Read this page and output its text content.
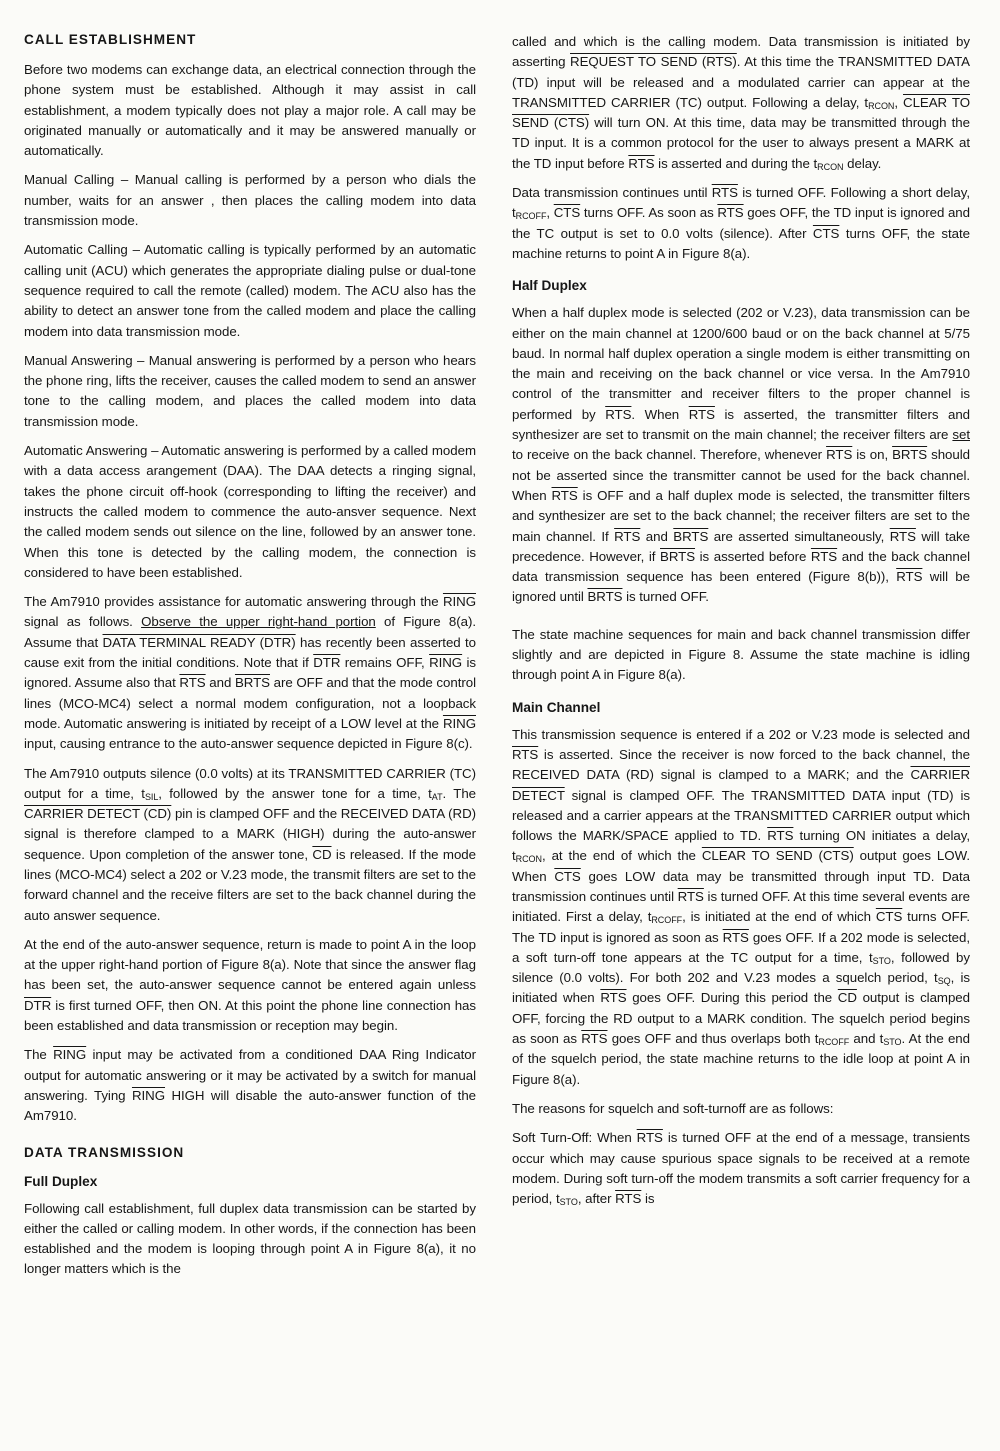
CALL ESTABLISHMENT

Before two modems can exchange data, an electrical connection through the phone system must be established. Although it may assist in call establishment, a modem typically does not play a major role. A call may be originated manually or automatically and it may be answered manually or automatically.

Manual Calling – Manual calling is performed by a person who dials the number, waits for an answer , then places the calling modem into data transmission mode.

Automatic Calling – Automatic calling is typically performed by an automatic calling unit (ACU) which generates the appropriate dialing pulse or dual-tone sequence required to call the remote (called) modem. The ACU also has the ability to detect an answer tone from the called modem and place the calling modem into data transmission mode.

Manual Answering – Manual answering is performed by a person who hears the phone ring, lifts the receiver, causes the called modem to send an answer tone to the calling modem, and places the called modem into data transmission mode.

Automatic Answering – Automatic answering is performed by a called modem with a data access arangement (DAA). The DAA detects a ringing signal, takes the phone circuit off-hook (corresponding to lifting the receiver) and instructs the called modem to commence the auto-ansver sequence. Next the called modem sends out silence on the line, followed by an answer tone. When this tone is detected by the calling modem, the connection is considered to have been established.

The Am7910 provides assistance for automatic answering through the RING signal as follows. Observe the upper right-hand portion of Figure 8(a). Assume that DATA TERMINAL READY (DTR) has recently been asserted to cause exit from the initial conditions. Note that if $\overline{DTR}$ remains OFF, RING is ignored. Assume also that $\overline{RTS}$ and BRTS are OFF and that the mode control lines (MCO-MC4) select a normal modem configuration, not a loopback mode. Automatic answering is initiated by receipt of a LOW level at the RING input, causing entrance to the auto-answer sequence depicted in Figure 8(c).

The Am7910 outputs silence (0.0 volts) at its TRANSMITTED CARRIER (TC) output for a time, $t_{SIL}$, followed by the answer tone for a time, $t_{AT}$. The CARRIER DETECT (CD) pin is clamped OFF and the RECEIVED DATA (RD) signal is therefore clamped to a MARK (HIGH) during the auto-answer sequence. Upon completion of the answer tone, $\overline{CD}$ is released. If the mode lines (MCO-MC4) select a 202 or V.23 mode, the transmit filters are set to the forward channel and the receive filters are set to the back channel during the auto answer sequence.

At the end of the auto-answer sequence, return is made to point A in the loop at the upper right-hand portion of Figure 8(a). Note that since the answer flag has been set, the auto-answer sequence cannot be entered again unless $\overline{DTR}$ is first turned OFF, then ON. At this point the phone line connection has been established and data transmission or reception may begin.

The RING input may be activated from a conditioned DAA Ring Indicator output for automatic answering or it may be activated by a switch for manual answering. Tying RING HIGH will disable the auto-answer function of the Am7910.

DATA TRANSMISSION
Full Duplex

Following call establishment, full duplex data transmission can be started by either the called or calling modem. In other words, if the connection has been established and the modem is looping through point A in Figure 8(a), it no longer matters which is the

called and which is the calling modem. Data transmission is initiated by asserting REQUEST TO SEND (RTS). At this time the TRANSMITTED DATA (TD) input will be released and a modulated carrier can appear at the TRANSMITTED CARRIER (TC) output. Following a delay, $t_{RCON}$, CLEAR TO SEND (CTS) will turn ON. At this time, data may be transmitted through the TD input. It is a common protocol for the user to always present a MARK at the TD input before $\overline{RTS}$ is asserted and during the $t_{RCON}$ delay.

Data transmission continues until $\overline{RTS}$ is turned OFF. Following a short delay, $t_{RCOFF}$, $\overline{CTS}$ turns OFF. As soon as $\overline{RTS}$ goes OFF, the TD input is ignored and the TC output is set to 0.0 volts (silence). After $\overline{CTS}$ turns OFF, the state machine returns to point A in Figure 8(a).

Half Duplex

When a half duplex mode is selected (202 or V.23), data transmission can be either on the main channel at 1200/600 baud or on the back channel at 5/75 baud. In normal half duplex operation a single modem is either transmitting on the main and receiving on the back channel or vice versa. In the Am7910 control of the transmitter and receiver filters to the proper channel is performed by $\overline{RTS}$. When $\overline{RTS}$ is asserted, the transmitter filters and synthesizer are set to transmit on the main channel; the receiver filters are set to receive on the back channel. Therefore, whenever $\overline{RTS}$ is on, BRTS should not be asserted since the transmitter cannot be used for the back channel. When $\overline{RTS}$ is OFF and a half duplex mode is selected, the transmitter filters and synthesizer are set to the back channel; the receiver filters are set to the main channel. If $\overline{RTS}$ and BRTS are asserted simultaneously, $\overline{RTS}$ will take precedence. However, if BRTS is asserted before $\overline{RTS}$ and the back channel data transmission sequence has been entered (Figure 8(b)), $\overline{RTS}$ will be ignored until BRTS is turned OFF.

The state machine sequences for main and back channel transmission differ slightly and are depicted in Figure 8. Assume the state machine is idling through point A in Figure 8(a).

Main Channel

This transmission sequence is entered if a 202 or V.23 mode is selected and $\overline{RTS}$ is asserted. Since the receiver is now forced to the back channel, the RECEIVED DATA (RD) signal is clamped to a MARK; and the CARRIER DETECT signal is clamped OFF. The TRANSMITTED DATA input (TD) is released and a carrier appears at the TRANSMITTED CARRIER output which follows the MARK/SPACE applied to TD. $\overline{RTS}$ turning ON initiates a delay, $t_{RCON}$, at the end of which the CLEAR TO SEND (CTS) output goes LOW. When $\overline{CTS}$ goes LOW data may be transmitted through input TD. Data transmission continues until $\overline{RTS}$ is turned OFF. At this time several events are initiated. First a delay, $t_{RCOFF}$, is initiated at the end of which $\overline{CTS}$ turns OFF. The TD input is ignored as soon as $\overline{RTS}$ goes OFF. If a 202 mode is selected, a soft turn-off tone appears at the TC output for a time, $t_{STO}$, followed by silence (0.0 volts). For both 202 and V.23 modes a squelch period, $t_{SQ}$, is initiated when $\overline{RTS}$ goes OFF. During this period the $\overline{CD}$ output is clamped OFF, forcing the RD output to a MARK condition. The squelch period begins as soon as $\overline{RTS}$ goes OFF and thus overlaps both $t_{RCOFF}$ and $t_{STO}$. At the end of the squelch period, the state machine returns to the idle loop at point A in Figure 8(a).

The reasons for squelch and soft-turnoff are as follows:

Soft Turn-Off: When $\overline{RTS}$ is turned OFF at the end of a message, transients occur which may cause spurious space signals to be received at a remote modem. During soft turn-off the modem transmits a soft carrier frequency for a period, $t_{STO}$, after $\overline{RTS}$ is
